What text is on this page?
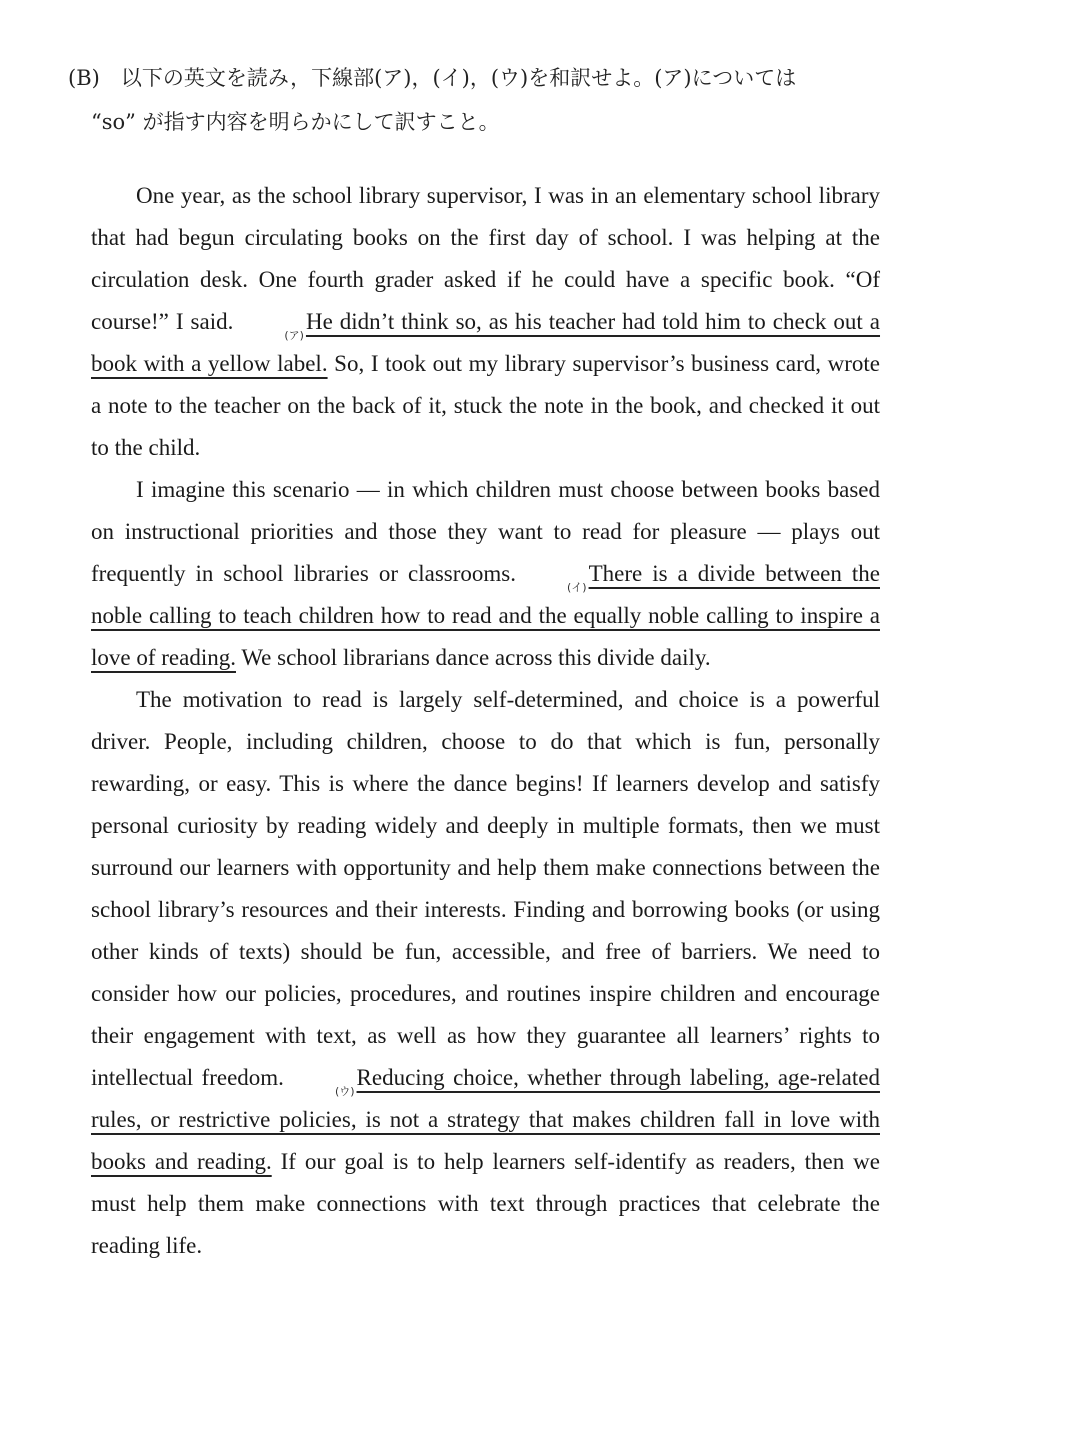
(B)　以下の英文を読み，下線部(ア)，(イ)，(ウ)を和訳せよ。(ア)については
“so” が指す内容を明らかにして訳すこと。

One year, as the school library supervisor, I was in an elementary school library that had begun circulating books on the first day of school. I was helping at the circulation desk. One fourth grader asked if he could have a specific book. “Of course!” I said.(ア)He didn’t think so, as his teacher had told him to check out a book with a yellow label. So, I took out my library supervisor’s business card, wrote a note to the teacher on the back of it, stuck the note in the book, and checked it out to the child.

I imagine this scenario — in which children must choose between books based on instructional priorities and those they want to read for pleasure — plays out frequently in school libraries or classrooms.(イ)There is a divide between the noble calling to teach children how to read and the equally noble calling to inspire a love of reading. We school librarians dance across this divide daily.

The motivation to read is largely self-determined, and choice is a powerful driver. People, including children, choose to do that which is fun, personally rewarding, or easy. This is where the dance begins! If learners develop and satisfy personal curiosity by reading widely and deeply in multiple formats, then we must surround our learners with opportunity and help them make connections between the school library’s resources and their interests. Finding and borrowing books (or using other kinds of texts) should be fun, accessible, and free of barriers. We need to consider how our policies, procedures, and routines inspire children and encourage their engagement with text, as well as how they guarantee all learners’ rights to intellectual freedom.(ウ)Reducing choice, whether through labeling, age-related rules, or restrictive policies, is not a strategy that makes children fall in love with books and reading. If our goal is to help learners self-identify as readers, then we must help them make connections with text through practices that celebrate the reading life.
